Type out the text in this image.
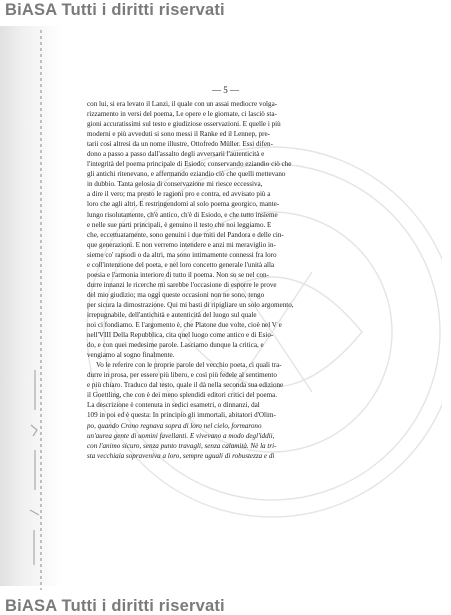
BiASA Tutti i diritti riservati
— 5 —
con lui, si era levato il Lanzi, il quale con un assai mediocre volga-
rizzamento in versi del poema, Le opere e le giornate, ci lasciò sta-
gioni accuratissimi sul testo e giudiziose osservazioni. E quelle i più
moderni e più avveduti si sono messi il Ranke ed il Lennep, pre-
tarii così altresì da un nome illustre, Ottofredo Müller. Essi difen-
dono a passo a passo dall'assalto degli avversarii l'autenticità e
l'integrità del poema principale di Esiodo; conservando eziandio ciò che
gli antichi ritenevano, e affermando eziandio ciò che quelli mettevano
in dubbio. Tanta gelosia di conservazione mi riesce eccessiva,
a dire il vero; ma presto le ragioni pro e contra, ed avvisato più a
loro che agli altri. E restringendomi al solo poema georgico, mante-
lungo risolutamente, ch'è antico, ch'è di Esiodo, e che tutto insieme
e nelle sue parti principali, è genuino il testo che noi leggiamo. E
che, eccettuatamente, sono genuini i due miti del Pandora e delle cin-
que generazioni. E non verremo intendere e anzi mi meraviglio in-
sieme co' rapsodi o da altri, ma sono intimamente connessi fra loro
e coll'intenzione del poeta, e nel loro concetto generale l'unità alla
poesia e l'armonia interiore di tutto il poema. Non so se nel con-
durre innanzi le ricerche mi sarebbe l'occasione di esporre le prove
del mio giudizio; ma oggi queste occasioni non ne sono, tengo
per sicura la dimostrazione. Qui mi basti di ripigliare un solo argomento,
irrepugnabile, dell'antichità e autenticità del luogo sul quale
noi ci fondiamo. E l'argomento è, che Platone due volte, cioè nel V e
nell'VIII Della Repubblica, cita quel luogo come antico e di Esio-
do, e con quei medesime parole. Lasciamo dunque la critica, e
vengiamo al sogno finalmente.
Vo le referire con le proprie parole del vecchio poeta, ci quali tra-
durre in prosa, per essere più libero, e così più fedele al sentimento
e più chiaro. Traduco dal testo, quale il dà nella seconda sua edizione
il Goettling, che con è dei meno splendidi editori critici del poema.
La descrizione è contenuta in sedici esametri, o dinnanzi, dal
109 in poi ed è questa: In principio gli immortali, abitatori d'Olim-
po, quando Crono regnava sopra di loro nel cielo, formarono
un'aurea gente di uomini favellanti. E vivevano a modo degl'iddii,
con l'animo sicuro, senza punto travagli, senza calamità. Nè la tri-
sta vecchiaia sopraveniva a loro, sempre uguali di robustezza e di
BiASA Tutti i diritti riservati
